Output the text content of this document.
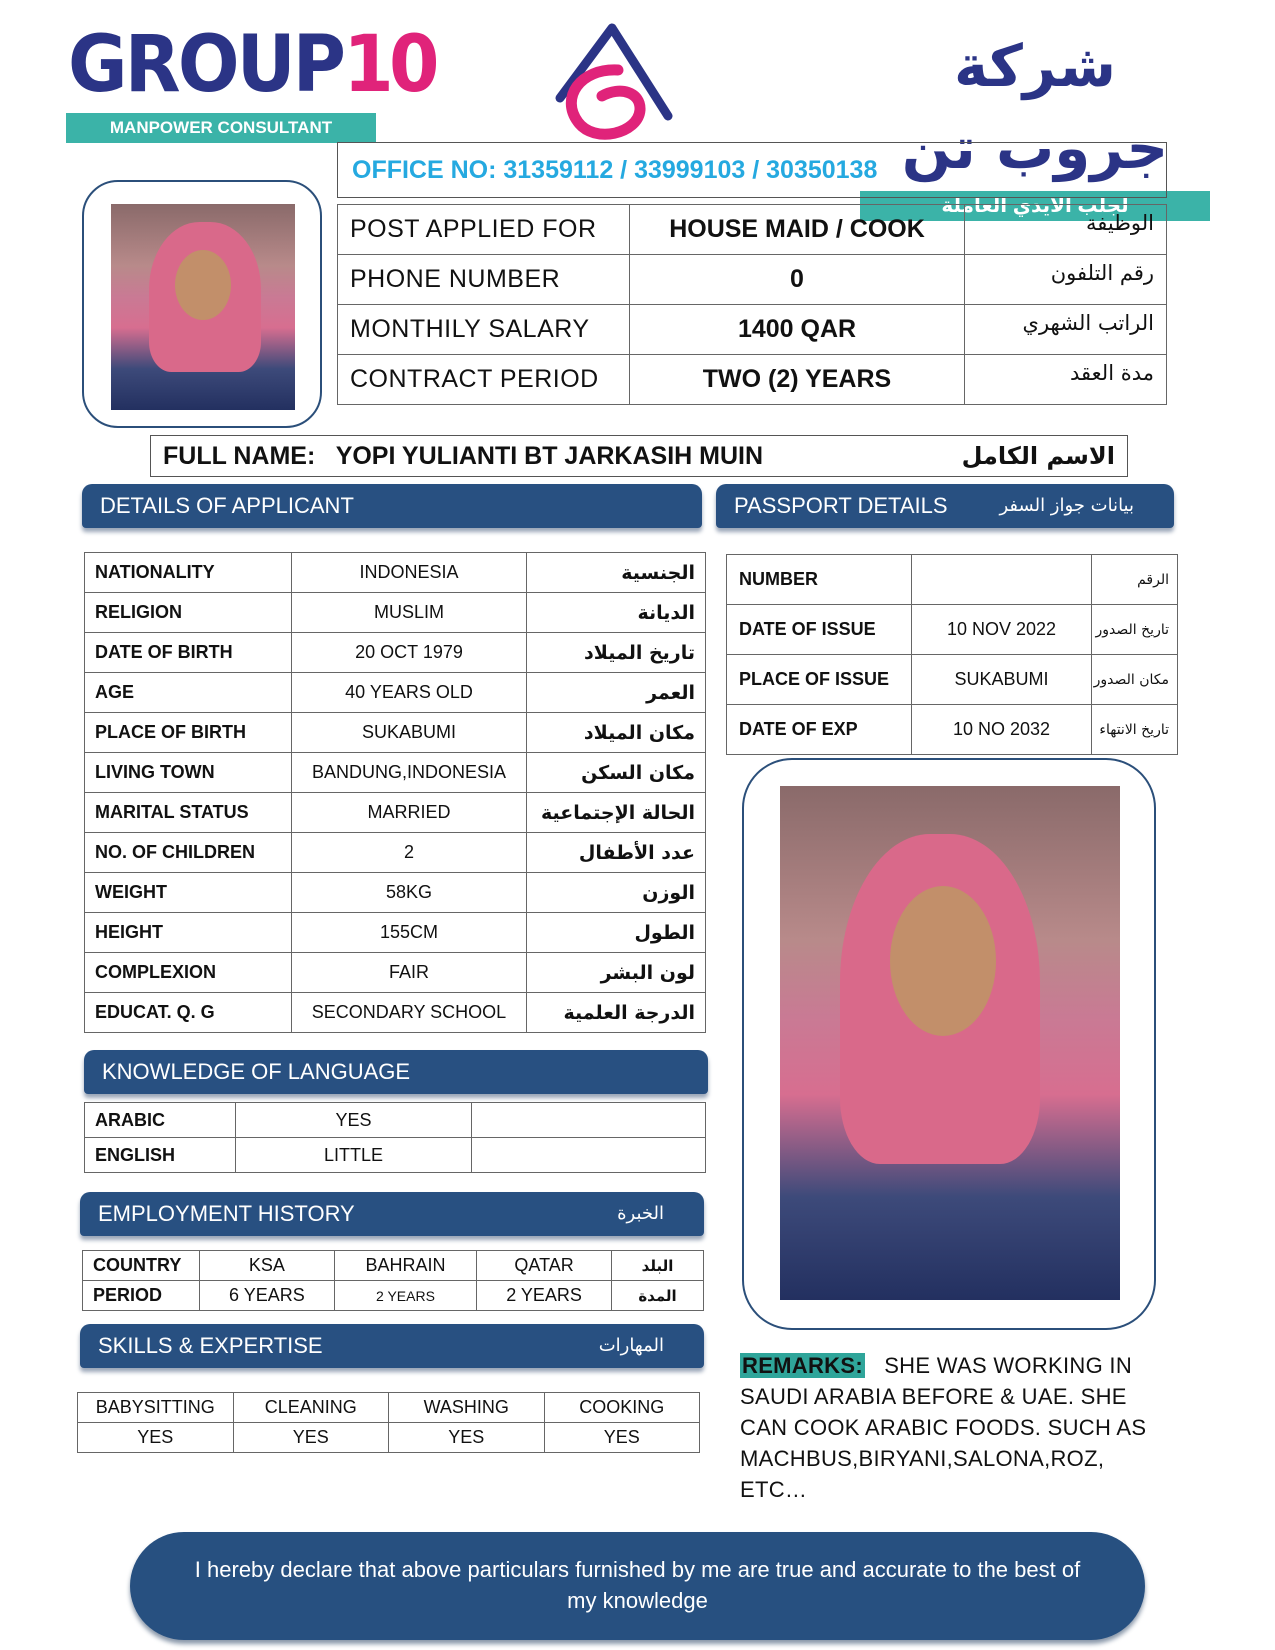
GROUP10
MANPOWER CONSULTANT
شركة جروب تن
لجلب الايدي العاملة
OFFICE NO: 31359112 / 33999103 / 30350138
POST APPLIED FOR	HOUSE MAID / COOK	الوظيفة
PHONE NUMBER	0	رقم التلفون
MONTHILY SALARY	1400 QAR	الراتب الشهري
CONTRACT PERIOD	TWO (2) YEARS	مدة العقد
FULL NAME: YOPI YULIANTI BT JARKASIH MUIN	الاسم الكامل
DETAILS OF APPLICANT
NATIONALITY	INDONESIA	الجنسية
RELIGION	MUSLIM	الديانة
DATE OF BIRTH	20 OCT 1979	تاريخ الميلاد
AGE	40 YEARS OLD	العمر
PLACE OF BIRTH	SUKABUMI	مكان الميلاد
LIVING TOWN	BANDUNG,INDONESIA	مكان السكن
MARITAL STATUS	MARRIED	الحالة الإجتماعية
NO. OF CHILDREN	2	عدد الأطفال
WEIGHT	58KG	الوزن
HEIGHT	155CM	الطول
COMPLEXION	FAIR	لون البشر
EDUCAT. Q. G	SECONDARY SCHOOL	الدرجة العلمية
KNOWLEDGE OF LANGUAGE
ARABIC	YES	
ENGLISH	LITTLE	
EMPLOYMENT HISTORY	الخبرة
COUNTRY	KSA	BAHRAIN	QATAR	البلد
PERIOD	6 YEARS	2 YEARS	2 YEARS	المدة
SKILLS & EXPERTISE	المهارات
BABYSITTING	CLEANING	WASHING	COOKING
YES	YES	YES	YES
PASSPORT DETAILS	بيانات جواز السفر
NUMBER		الرقم
DATE OF ISSUE	10 NOV 2022	تاريخ الصدور
PLACE OF ISSUE	SUKABUMI	مكان الصدور
DATE OF EXP	10 NO 2032	تاريخ الانتهاء
REMARKS: SHE WAS WORKING IN SAUDI ARABIA BEFORE & UAE. SHE CAN COOK ARABIC FOODS. SUCH AS MACHBUS,BIRYANI,SALONA,ROZ, ETC…
I hereby declare that above particulars furnished by me are true and accurate to the best of my knowledge
